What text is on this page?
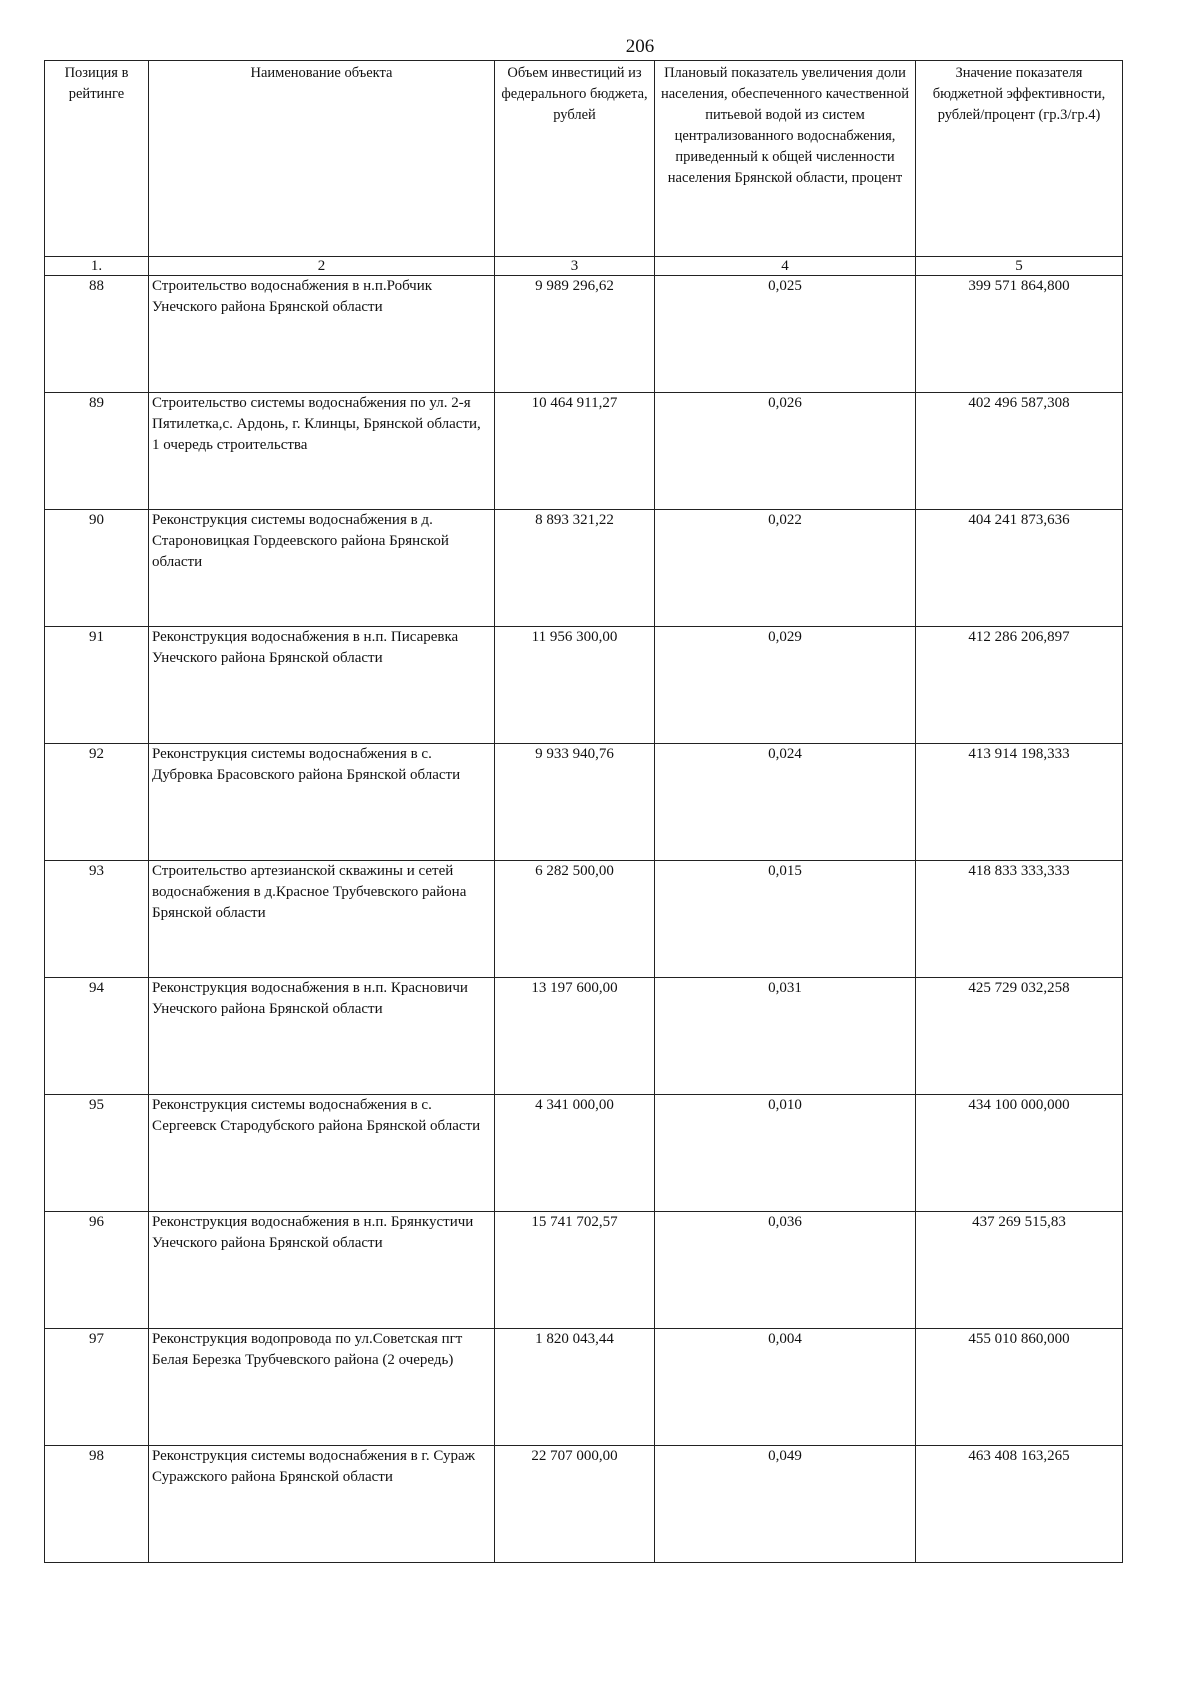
206
Позиция в рейтинге	Наименование объекта	Объем инвестиций из федерального бюджета, рублей	Плановый показатель увеличения доли населения, обеспеченного качественной питьевой водой из систем централизованного водоснабжения, приведенный к общей численности населения Брянской области, процент	Значение показателя бюджетной эффективности, рублей/процент (гр.3/гр.4)
1.	2	3	4	5
88	Строительство водоснабжения в н.п.Робчик Унечского района Брянской области	9 989 296,62	0,025	399 571 864,800
89	Строительство системы водоснабжения по ул. 2-я Пятилетка,с. Ардонь, г. Клинцы, Брянской области, 1 очередь строительства	10 464 911,27	0,026	402 496 587,308
90	Реконструкция системы водоснабжения в д. Староновицкая Гордеевского района Брянской области	8 893 321,22	0,022	404 241 873,636
91	Реконструкция водоснабжения в н.п. Писаревка Унечского района Брянской области	11 956 300,00	0,029	412 286 206,897
92	Реконструкция системы водоснабжения в с. Дубровка Брасовского района Брянской области	9 933 940,76	0,024	413 914 198,333
93	Строительство артезианской скважины и сетей водоснабжения в д.Красное Трубчевского района Брянской области	6 282 500,00	0,015	418 833 333,333
94	Реконструкция водоснабжения в н.п. Красновичи Унечского района Брянской области	13 197 600,00	0,031	425 729 032,258
95	Реконструкция системы водоснабжения в с. Сергеевск Стародубского района Брянской области	4 341 000,00	0,010	434 100 000,000
96	Реконструкция водоснабжения в н.п. Брянкустичи Унечского района Брянской области	15 741 702,57	0,036	437 269 515,83
97	Реконструкция водопровода по ул.Советская пгт Белая Березка Трубчевского района (2 очередь)	1 820 043,44	0,004	455 010 860,000
98	Реконструкция системы водоснабжения в г. Сураж Суражского района Брянской области	22 707 000,00	0,049	463 408 163,265
